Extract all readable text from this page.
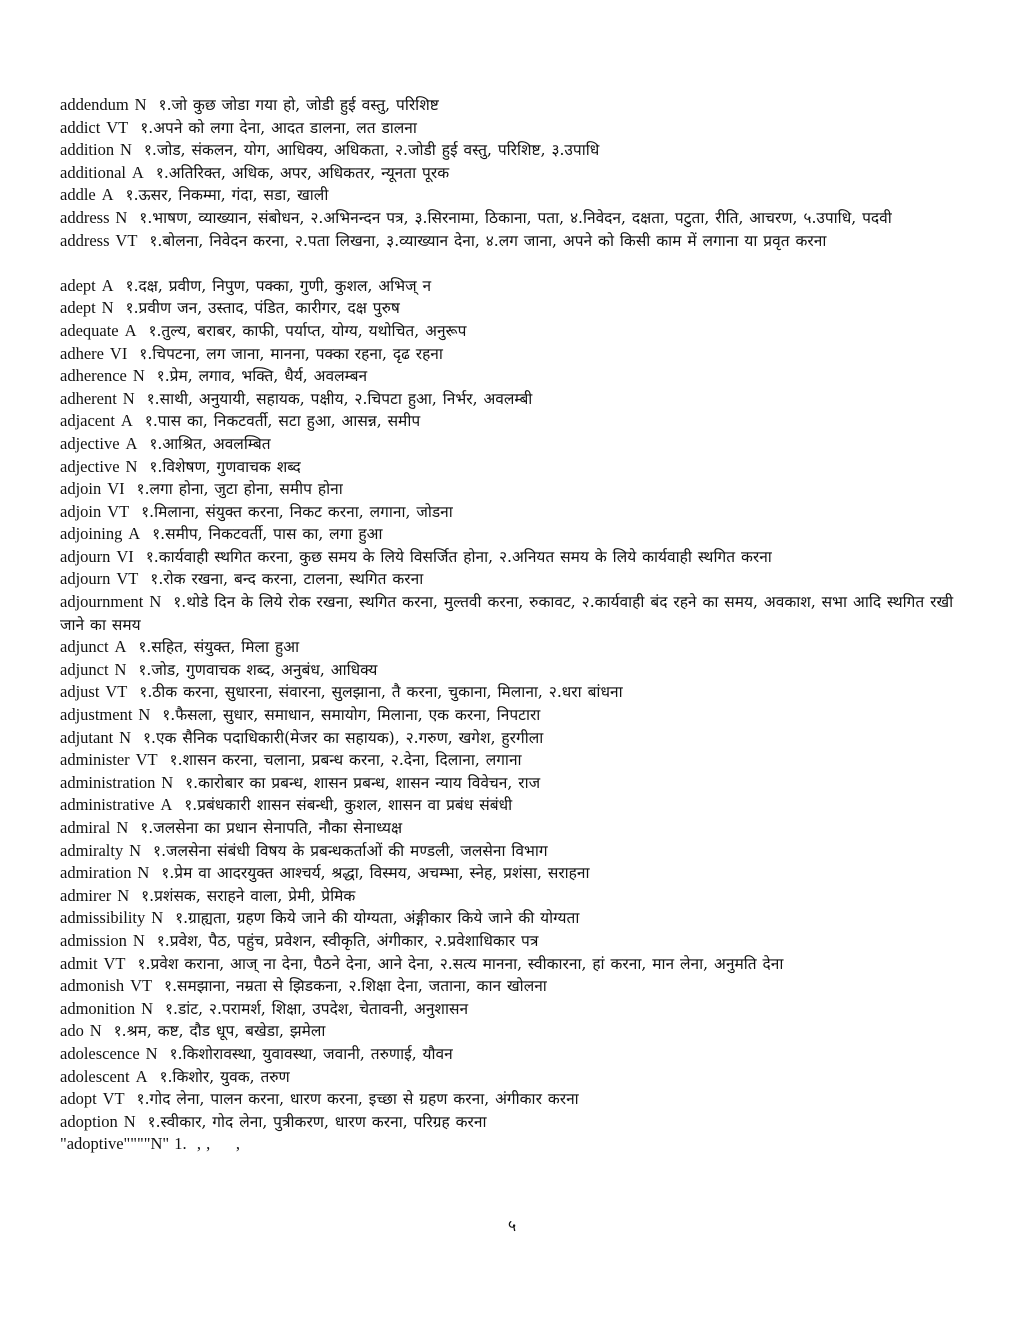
addendum N १.जो कुछ जोडा गया हो, जोडी हुई वस्तु, परिशिष्ट
addict VT १.अपने को लगा देना, आदत डालना, लत डालना
addition N १.जोड, संकलन, योग, आधिक्य, अधिकता, २.जोडी हुई वस्तु, परिशिष्ट, ३.उपाधि
additional A १.अतिरिक्त, अधिक, अपर, अधिकतर, न्यूनता पूरक
addle A १.ऊसर, निकम्मा, गंदा, सडा, खाली
address N १.भाषण, व्याख्यान, संबोधन, २.अभिनन्दन पत्र, ३.सिरनामा, ठिकाना, पता, ४.निवेदन, दक्षता, पटुता, रीति, आचरण, ५.उपाधि, पदवी
address VT १.बोलना, निवेदन करना, २.पता लिखना, ३.व्याख्यान देना, ४.लग जाना, अपने को किसी काम में लगाना या प्रवृत करना
adept A १.दक्ष, प्रवीण, निपुण, पक्का, गुणी, कुशल, अभिज् न
adept N १.प्रवीण जन, उस्ताद, पंडित, कारीगर, दक्ष पुरुष
adequate A १.तुल्य, बराबर, काफी, पर्याप्त, योग्य, यथोचित, अनुरूप
adhere VI १.चिपटना, लग जाना, मानना, पक्का रहना, दृढ रहना
adherence N १.प्रेम, लगाव, भक्ति, धैर्य, अवलम्बन
adherent N १.साथी, अनुयायी, सहायक, पक्षीय, २.चिपटा हुआ, निर्भर, अवलम्बी
adjacent A १.पास का, निकटवर्ती, सटा हुआ, आसन्न, समीप
adjective A १.आश्रित, अवलम्बित
adjective N १.विशेषण, गुणवाचक शब्द
adjoin VI १.लगा होना, जुटा होना, समीप होना
adjoin VT १.मिलाना, संयुक्त करना, निकट करना, लगाना, जोडना
adjoining A १.समीप, निकटवर्ती, पास का, लगा हुआ
adjourn VI १.कार्यवाही स्थगित करना, कुछ समय के लिये विसर्जित होना, २.अनियत समय के लिये कार्यवाही स्थगित करना
adjourn VT १.रोक रखना, बन्द करना, टालना, स्थगित करना
adjournment N १.थोडे दिन के लिये रोक रखना, स्थगित करना, मुल्तवी करना, रुकावट, २.कार्यवाही बंद रहने का समय, अवकाश, सभा आदि स्थगित रखी जाने का समय
adjunct A १.सहित, संयुक्त, मिला हुआ
adjunct N १.जोड, गुणवाचक शब्द, अनुबंध, आधिक्य
adjust VT १.ठीक करना, सुधारना, संवारना, सुलझाना, तै करना, चुकाना, मिलाना, २.धरा बांधना
adjustment N १.फैसला, सुधार, समाधान, समायोग, मिलाना, एक करना, निपटारा
adjutant N १.एक सैनिक पदाधिकारी(मेजर का सहायक), २.गरुण, खगेश, हुरगीला
administer VT १.शासन करना, चलाना, प्रबन्ध करना, २.देना, दिलाना, लगाना
administration N १.कारोबार का प्रबन्ध, शासन प्रबन्ध, शासन न्याय विवेचन, राज
administrative A १.प्रबंधकारी शासन संबन्धी, कुशल, शासन वा प्रबंध संबंधी
admiral N १.जलसेना का प्रधान सेनापति, नौका सेनाध्यक्ष
admiralty N १.जलसेना संबंधी विषय के प्रबन्धकर्ताओं की मण्डली, जलसेना विभाग
admiration N १.प्रेम वा आदरयुक्त आश्चर्य, श्रद्धा, विस्मय, अचम्भा, स्नेह, प्रशंसा, सराहना
admirer N १.प्रशंसक, सराहने वाला, प्रेमी, प्रेमिक
admissibility N १.ग्राह्यता, ग्रहण किये जाने की योग्यता, अंङ्गीकार किये जाने की योग्यता
admission N १.प्रवेश, पैठ, पहुंच, प्रवेशन, स्वीकृति, अंगीकार, २.प्रवेशाधिकार पत्र
admit VT १.प्रवेश कराना, आज् ना देना, पैठने देना, आने देना, २.सत्य मानना, स्वीकारना, हां करना, मान लेना, अनुमति देना
admonish VT १.समझाना, नम्रता से झिडकना, २.शिक्षा देना, जताना, कान खोलना
admonition N १.डांट, २.परामर्श, शिक्षा, उपदेश, चेतावनी, अनुशासन
ado N १.श्रम, कष्ट, दौड धूप, बखेडा, झमेला
adolescence N १.किशोरावस्था, युवावस्था, जवानी, तरुणाई, यौवन
adolescent A १.किशोर, युवक, तरुण
adopt VT १.गोद लेना, पालन करना, धारण करना, इच्छा से ग्रहण करना, अंगीकार करना
adoption N १.स्वीकार, गोद लेना, पुत्रीकरण, धारण करना, परिग्रह करना
"adoptive""""N" 1.  , ,     ,
५
